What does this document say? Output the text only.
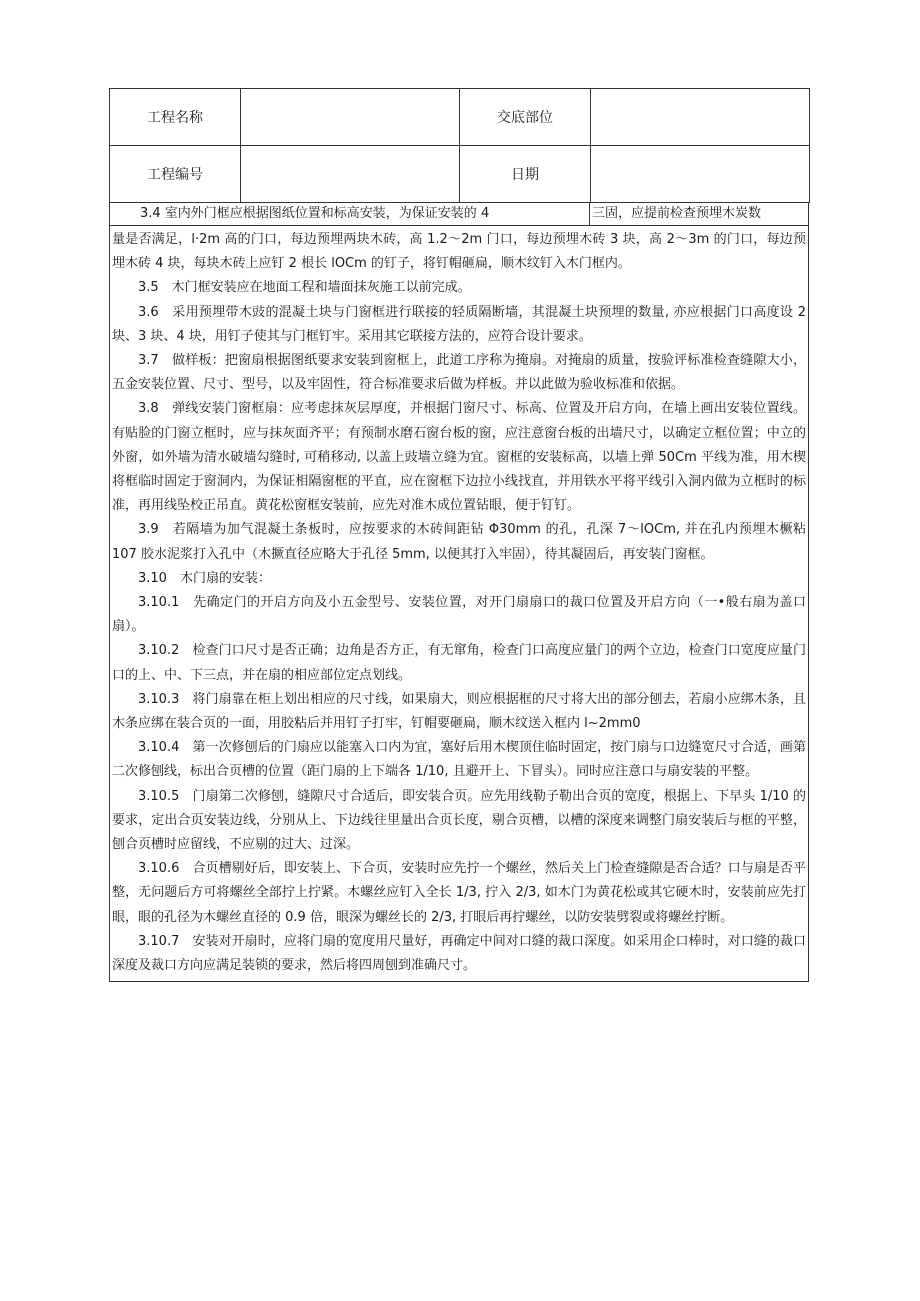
工程名称		交底部位	
工程编号		日期	
3.4 室内外门框应根据图纸位置和标高安装，为保证安装的 4	三固，应提前检查预埋木炭数

量是否满足，l·2m 高的门口，每边预埋两块木砖，高 1.2～2m 门口，每边预埋木砖 3 块，高 2～3m 的门口，每边预埋木砖 4 块，每块木砖上应钉 2 根长 lOCm 的钉子，将钉帽砸扁，顺木纹钉入木门框内。

3.5　木门框安装应在地面工程和墙面抹灰施工以前完成。

3.6　采用预埋带木豉的混凝土块与门窗框进行联接的轻质隔断墙，其混凝土块预埋的数量, 亦应根据门口高度设 2 块、3 块、4 块，用钉子使其与门框钉牢。采用其它联接方法的，应符合设计要求。

3.7　做样板：把窗扇根据图纸要求安装到窗框上，此道工序称为掩扇。对掩扇的质量，按验评标准检查缝隙大小，五金安装位置、尺寸、型号，以及牢固性，符合标准要求后做为样板。并以此做为验收标准和依据。

3.8　弹线安装门窗框扇：应考虑抹灰层厚度，并根据门窗尺寸、标高、位置及开启方向，在墙上画出安装位置线。有贴脸的门窗立框时，应与抹灰面齐平；有预制水磨石窗台板的窗，应注意窗台板的出墙尺寸，以确定立框位置；中立的外窗，如外墙为清水破墙勾缝时, 可稍移动, 以盖上豉墙立缝为宜。窗框的安装标高，以墙上弹 50Cm 平线为准，用木楔将框临时固定于窗洞内，为保证相隔窗框的平直，应在窗框下边拉小线找直，并用铁水平将平线引入洞内做为立框时的标准，再用线坠校正吊直。黄花松窗框安装前，应先对准木成位置钻眼，便于钉钉。

3.9　若隔墙为加气混凝土条板时，应按要求的木砖间距钻 Φ30mm 的孔，孔深 7～lOCm, 并在孔内预埋木橛粘 107 胶水泥浆打入孔中（木撅直径应略大于孔径 5mm, 以便其打入牢固），待其凝固后，再安装门窗框。

3.10　木门扇的安装：

3.10.1　先确定门的开启方向及小五金型号、安装位置，对开门扇扇口的裁口位置及开启方向（一•般右扇为盖口扇）。

3.10.2　检查门口尺寸是否正确；边角是否方正，有无窜角，检查门口高度应量门的两个立边，检查门口宽度应量门口的上、中、下三点，并在扇的相应部位定点划线。

3.10.3　将门扇靠在柜上划出相应的尺寸线，如果扇大，则应根据框的尺寸将大出的部分刨去，若扇小应绑木条，且木条应绑在装合页的一面，用胶粘后并用钉子打牢，钉帽要砸扁，顺木纹送入框内 l~2mm0

3.10.4　第一次修刨后的门扇应以能塞入口内为宜，塞好后用木楔顶住临时固定，按门扇与口边缝宽尺寸合适，画第二次修刨线，标出合页槽的位置（距门扇的上下端各 1/10, 且避开上、下冒头）。同时应注意口与扇安装的平整。

3.10.5　门扇第二次修刨，缝隙尺寸合适后，即安装合页。应先用线勒子勒出合页的宽度，根据上、下早头 1/10 的要求，定出合页安装边线，分别从上、下边线往里量出合页长度，剔合页槽，以槽的深度来调整门扇安装后与框的平整，刨合页槽时应留线，不应剔的过大、过深。

3.10.6　合页槽剔好后，即安装上、下合页，安装时应先拧一个螺丝，然后关上门检查缝隙是否合适？口与扇是否平整，无问题后方可将螺丝全部拧上拧紧。木螺丝应钉入全长 1/3, 拧入 2/3, 如木门为黄花松或其它硬木时，安装前应先打眼，眼的孔径为木螺丝直径的 0.9 倍，眼深为螺丝长的 2/3, 打眼后再拧螺丝，以防安装劈裂或将螺丝拧断。

3.10.7　安装对开扇时，应将门扇的宽度用尺量好，再确定中间对口缝的裁口深度。如采用企口棒时，对口缝的裁口深度及裁口方向应满足装锁的要求，然后将四周刨到准确尺寸。
